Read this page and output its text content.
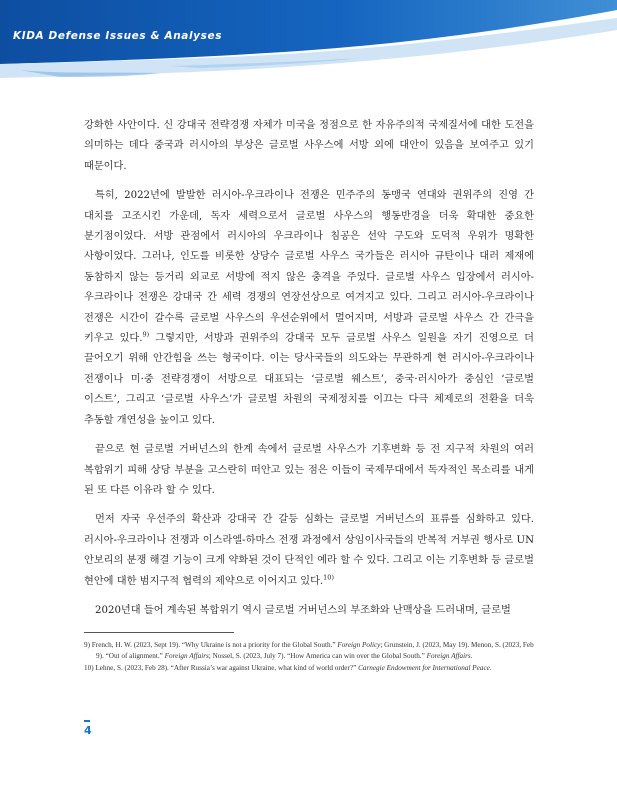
KIDA Defense Issues & Analyses

강화한 사안이다. 신 강대국 전략경쟁 자체가 미국을 정점으로 한 자유주의적 국제질서에 대한 도전을 의미하는 데다 중국과 러시아의 부상은 글로벌 사우스에 서방 외에 대안이 있음을 보여주고 있기 때문이다.

특히, 2022년에 발발한 러시아-우크라이나 전쟁은 민주주의 동맹국 연대와 권위주의 진영 간 대치를 고조시킨 가운데, 독자 세력으로서 글로벌 사우스의 행동반경을 더욱 확대한 중요한 분기점이었다. 서방 관점에서 러시아의 우크라이나 침공은 선악 구도와 도덕적 우위가 명확한 사항이었다. 그러나, 인도를 비롯한 상당수 글로벌 사우스 국가들은 러시아 규탄이나 대러 제재에 동참하지 않는 등거리 외교로 서방에 적지 않은 충격을 주었다. 글로벌 사우스 입장에서 러시아-우크라이나 전쟁은 강대국 간 세력 경쟁의 연장선상으로 여겨지고 있다. 그리고 러시아-우크라이나 전쟁은 시간이 갈수록 글로벌 사우스의 우선순위에서 멀어지며, 서방과 글로벌 사우스 간 간극을 키우고 있다.$^{9)}$ 그렇지만, 서방과 권위주의 강대국 모두 글로벌 사우스 일원을 자기 진영으로 더 끌어오기 위해 안간힘을 쓰는 형국이다. 이는 당사국들의 의도와는 무관하게 현 러시아-우크라이나 전쟁이나 미·중 전략경쟁이 서방으로 대표되는 ‘글로벌 웨스트’, 중국·러시아가 중심인 ‘글로벌 이스트’, 그리고 ‘글로벌 사우스’가 글로벌 차원의 국제정치를 이끄는 다극 체제로의 전환을 더욱 추동할 개연성을 높이고 있다.

끝으로 현 글로벌 거버넌스의 한계 속에서 글로벌 사우스가 기후변화 등 전 지구적 차원의 여러 복합위기 피해 상당 부분을 고스란히 떠안고 있는 점은 이들이 국제무대에서 독자적인 목소리를 내게 된 또 다른 이유라 할 수 있다.

먼저 자국 우선주의 확산과 강대국 간 갈등 심화는 글로벌 거버넌스의 표류를 심화하고 있다. 러시아-우크라이나 전쟁과 이스라엘-하마스 전쟁 과정에서 상임이사국들의 반복적 거부권 행사로 UN 안보리의 분쟁 해결 기능이 크게 약화된 것이 단적인 예라 할 수 있다. 그리고 이는 기후변화 등 글로벌 현안에 대한 범지구적 협력의 제약으로 이어지고 있다.$^{10)}$

2020년대 들어 계속된 복합위기 역시 글로벌 거버넌스의 부조화와 난맥상을 드러내며, 글로벌

9) French, H. W. (2023, Sept 19). “Why Ukraine is not a priority for the Global South.” Foreign Policy; Grunstein, J. (2023, May 19). Menon, S. (2023, Feb 9). “Out of alignment.” Foreign Affairs; Nossel, S. (2023, July 7). “How America can win over the Global South.” Foreign Affairs.
10) Lehne, S. (2023, Feb 28). “After Russia’s war against Ukraine, what kind of world order?” Carnegie Endowment for International Peace.
4
